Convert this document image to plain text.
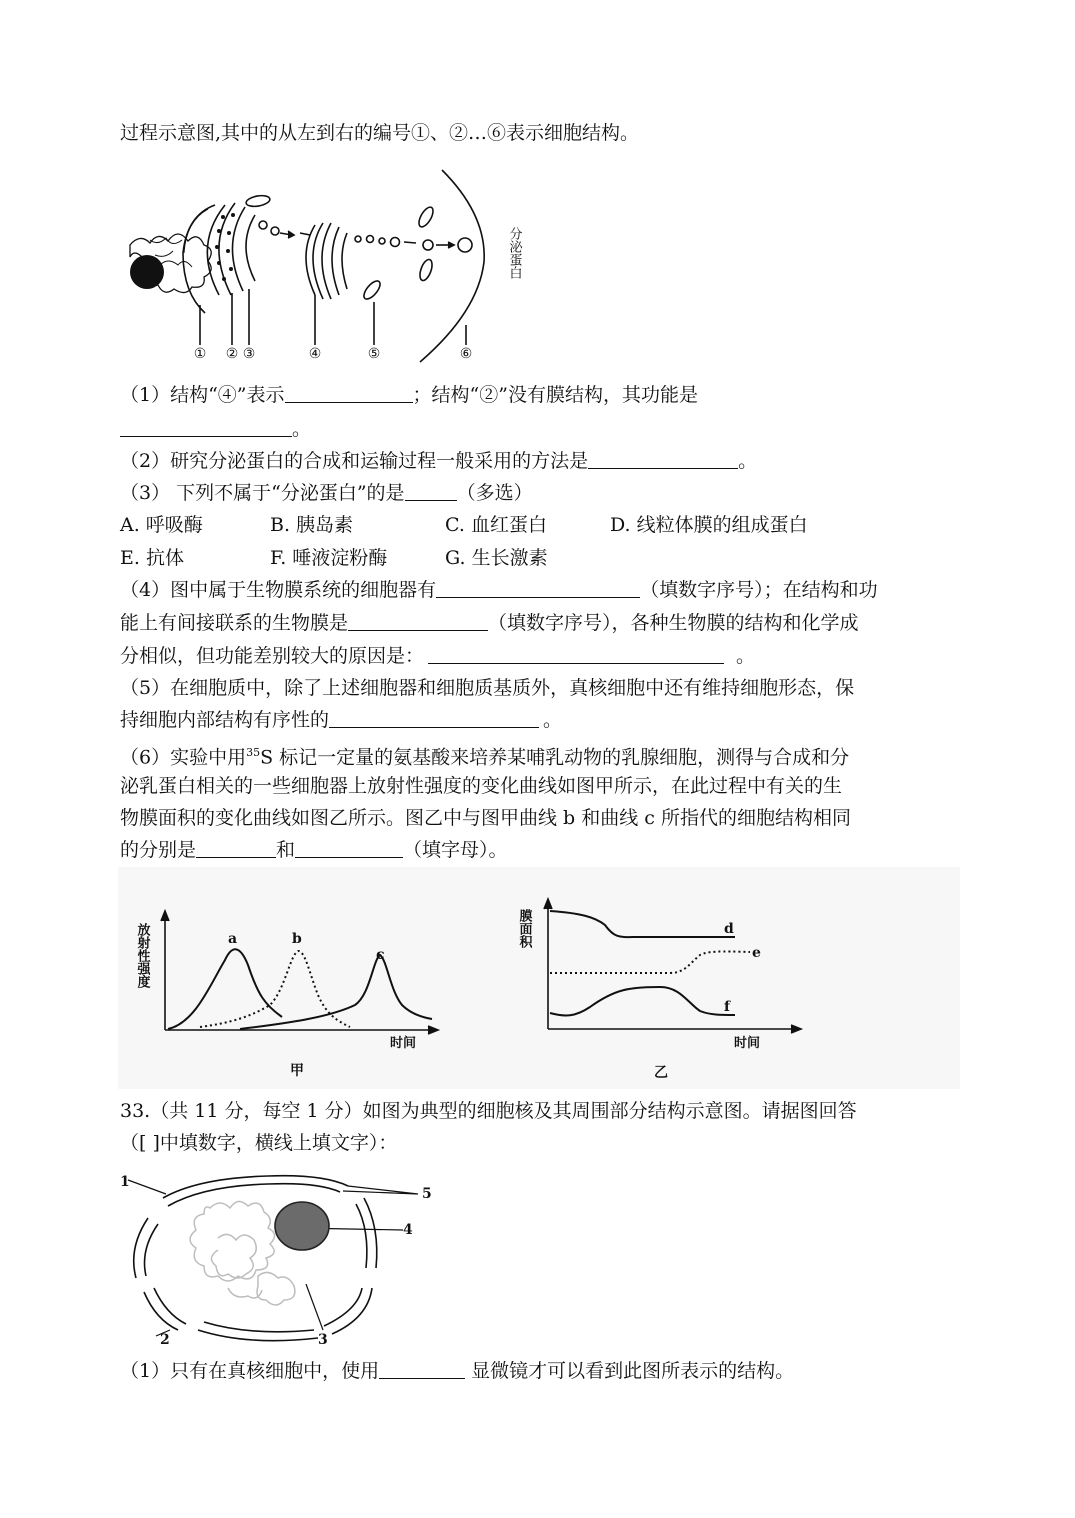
过程示意图,其中的从左到右的编号①、②…⑥表示细胞结构。
① ② ③	④	⑤	⑥
分泌蛋白
（1）结构“④”表示	；结构“②”没有膜结构，其功能是
。
（2）研究分泌蛋白的合成和运输过程一般采用的方法是	。
（3） 下列不属于“分泌蛋白”的是	（多选）
A. 呼吸酶	B. 胰岛素	C. 血红蛋白	D. 线粒体膜的组成蛋白
E. 抗体	F. 唾液淀粉酶	G. 生长激素
（4）图中属于生物膜系统的细胞器有	（填数字序号）；在结构和功
能上有间接联系的生物膜是	（填数字序号），各种生物膜的结构和化学成
分相似，但功能差别较大的原因是：	。
（5）在细胞质中，除了上述细胞器和细胞质基质外，真核细胞中还有维持细胞形态，保
持细胞内部结构有序性的	。
（6）实验中用$^{35}$S 标记一定量的氨基酸来培养某哺乳动物的乳腺细胞，测得与合成和分
泌乳蛋白相关的一些细胞器上放射性强度的变化曲线如图甲所示，在此过程中有关的生
物膜面积的变化曲线如图乙所示。图乙中与图甲曲线 b 和曲线 c 所指代的细胞结构相同
的分别是	和	（填字母）。
a	b
c
放射性强度
时间
甲
d
e
f
膜面积
时间
乙
33.（共 11 分，每空 1 分）如图为典型的细胞核及其周围部分结构示意图。请据图回答
（[ ]中填数字，横线上填文字）：
1
2	3
4
5
（1）只有在真核细胞中，使用	显微镜才可以看到此图所表示的结构。
